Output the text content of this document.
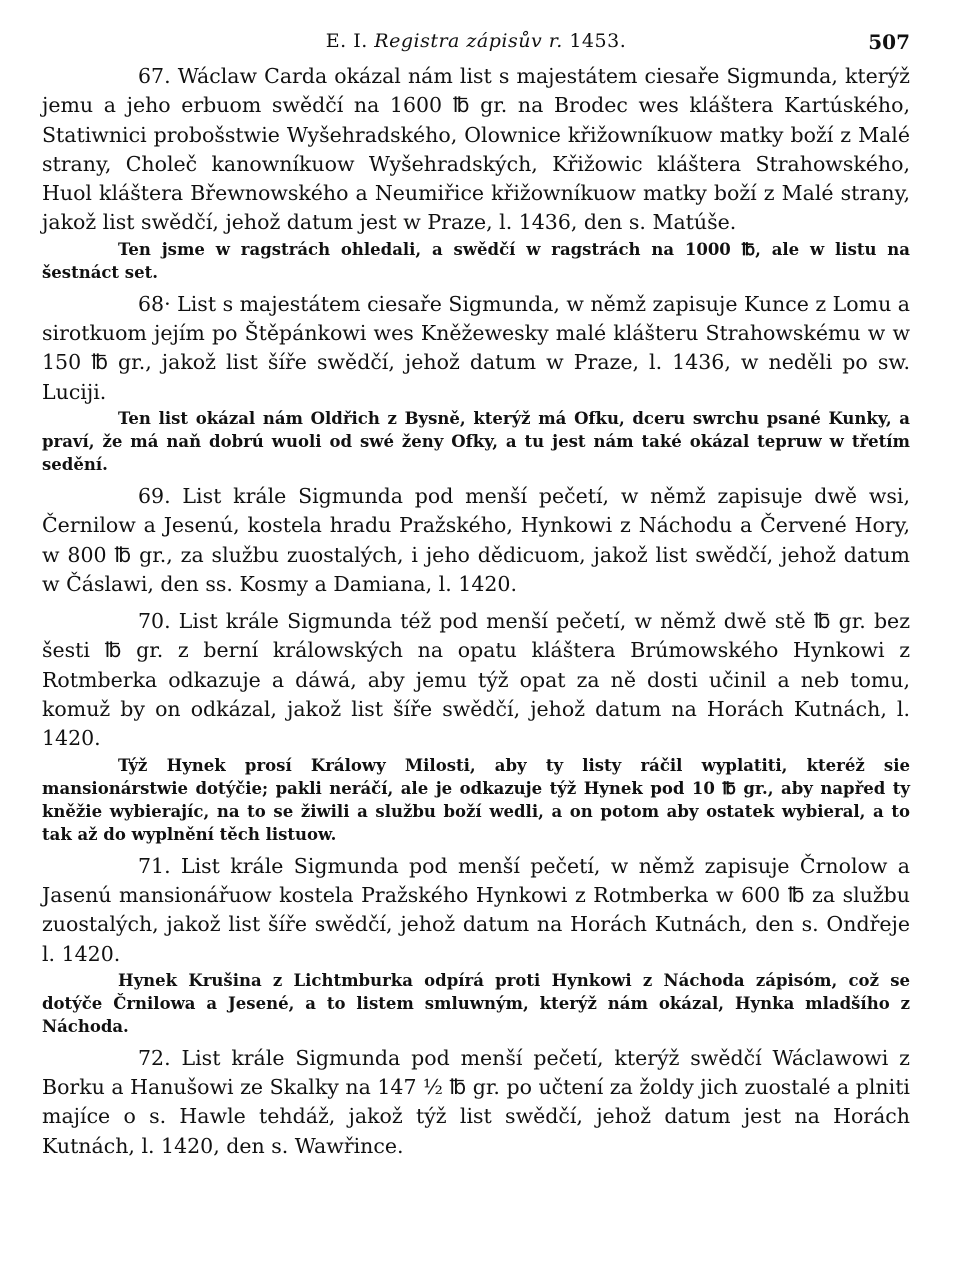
E. I. Registra zápisův r. 1453.	507

67. Wáclaw Carda okázal nám list s majestátem ciesaře Sigmunda, kterýž jemu a jeho erbuom swědčí na 1600 ℔ gr. na Brodec wes kláštera Kartúského, Statiwnici probošstwie Wyšehradského, Olownice křižowníkuow matky boží z Malé strany, Choleč kanowníkuow Wyšehradských, Křižowic kláštera Strahowského, Huol kláštera Břewnowského a Neumiřice křižowníkuow matky boží z Malé strany, jakož list swědčí, jehož datum jest w Praze, l. 1436, den s. Matúše.

Ten jsme w ragstrách ohledali, a swědčí w ragstrách na 1000 ℔, ale w listu na šestnáct set.

68· List s majestátem ciesaře Sigmunda, w němž zapisuje Kunce z Lomu a sirotkuom jejím po Štěpánkowi wes Kněžewesky malé klášteru Strahowskému w w 150 ℔ gr., jakož list šíře swědčí, jehož datum w Praze, l. 1436, w neděli po sw. Luciji.

Ten list okázal nám Oldřich z Bysně, kterýž má Ofku, dceru swrchu psané Kunky, a praví, že má naň dobrú wuoli od swé ženy Ofky, a tu jest nám také okázal tepruw w třetím sedění.

69. List krále Sigmunda pod menší pečetí, w němž zapisuje dwě wsi, Černilow a Jesenú, kostela hradu Pražského, Hynkowi z Náchodu a Červené Hory, w 800 ℔ gr., za službu zuostalých, i jeho dědicuom, jakož list swědčí, jehož datum w Čáslawi, den ss. Kosmy a Damiana, l. 1420.

70. List krále Sigmunda též pod menší pečetí, w němž dwě stě ℔ gr. bez šesti ℔ gr. z berní králowských na opatu kláštera Brúmowského Hynkowi z Rotmberka odkazuje a dáwá, aby jemu týž opat za ně dosti učinil a neb tomu, komuž by on odkázal, jakož list šíře swědčí, jehož datum na Horách Kutnách, l. 1420.

Týž Hynek prosí Králowy Milosti, aby ty listy ráčil wyplatiti, kteréž sie mansionárstwie dotýčie; pakli neráčí, ale je odkazuje týž Hynek pod 10 ℔ gr., aby napřed ty kněžie wybierajíc, na to se žiwili a službu boží wedli, a on potom aby ostatek wybieral, a to tak až do wyplnění těch listuow.

71. List krále Sigmunda pod menší pečetí, w němž zapisuje Črnolow a Jasenú mansionářuow kostela Pražského Hynkowi z Rotmberka w 600 ℔ za službu zuostalých, jakož list šíře swědčí, jehož datum na Horách Kutnách, den s. Ondřeje l. 1420.

Hynek Krušina z Lichtmburka odpírá proti Hynkowi z Náchoda zápisóm, což se dotýče Črnilowa a Jesené, a to listem smluwným, kterýž nám okázal, Hynka mladšího z Náchoda.

72. List krále Sigmunda pod menší pečetí, kterýž swědčí Wáclawowi z Borku a Hanušowi ze Skalky na 147 ½ ℔ gr. po učtení za žoldy jich zuostalé a plniti majíce o s. Hawle tehdáž, jakož týž list swědčí, jehož datum jest na Horách Kutnách, l. 1420, den s. Wawřince.
